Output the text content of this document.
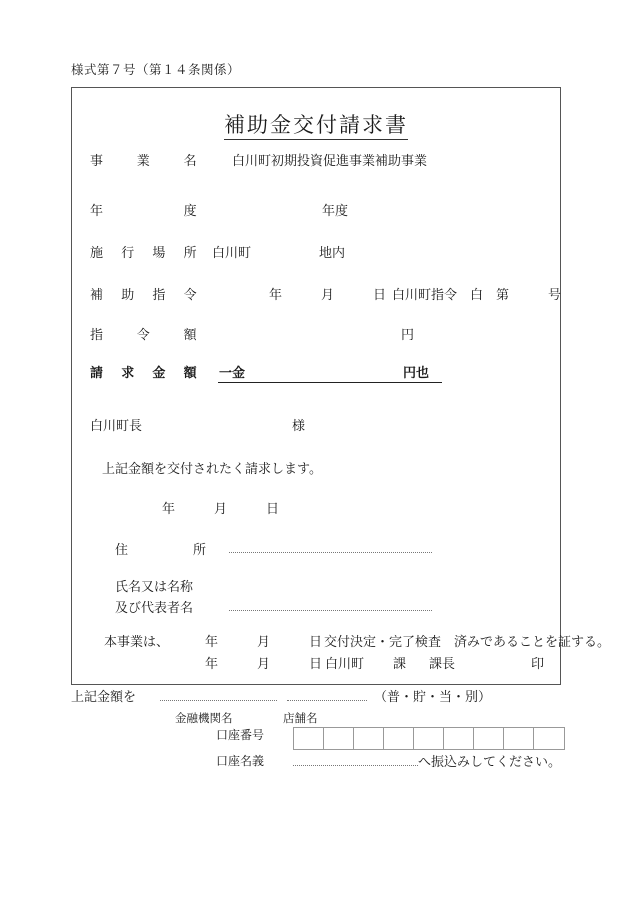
様式第７号（第１４条関係）
補助金交付請求書
事　　業　　名	白川町初期投資促進事業補助事業
年　　　　　度	年度
施　行　場　所 白川町	地内
補　助　指　令	年　　　月　　　日 白川町指令　白　第　　　号
指　　令　　額	円
請　求　金　額 一金	円也
白川町長	様
上記金額を交付されたく請求します。
年　　　月　　　日
住　　　　所
氏名又は名称
及び代表者名
本事業は、	年　　　月　　　日 交付決定・完了検査　済みであることを証する。
年　　　月　　　日 白川町 課 課長	印
上記金額を	（普・貯・当・別）
金融機関名	店舗名
口座番号
口座名義	へ振込みしてください。
